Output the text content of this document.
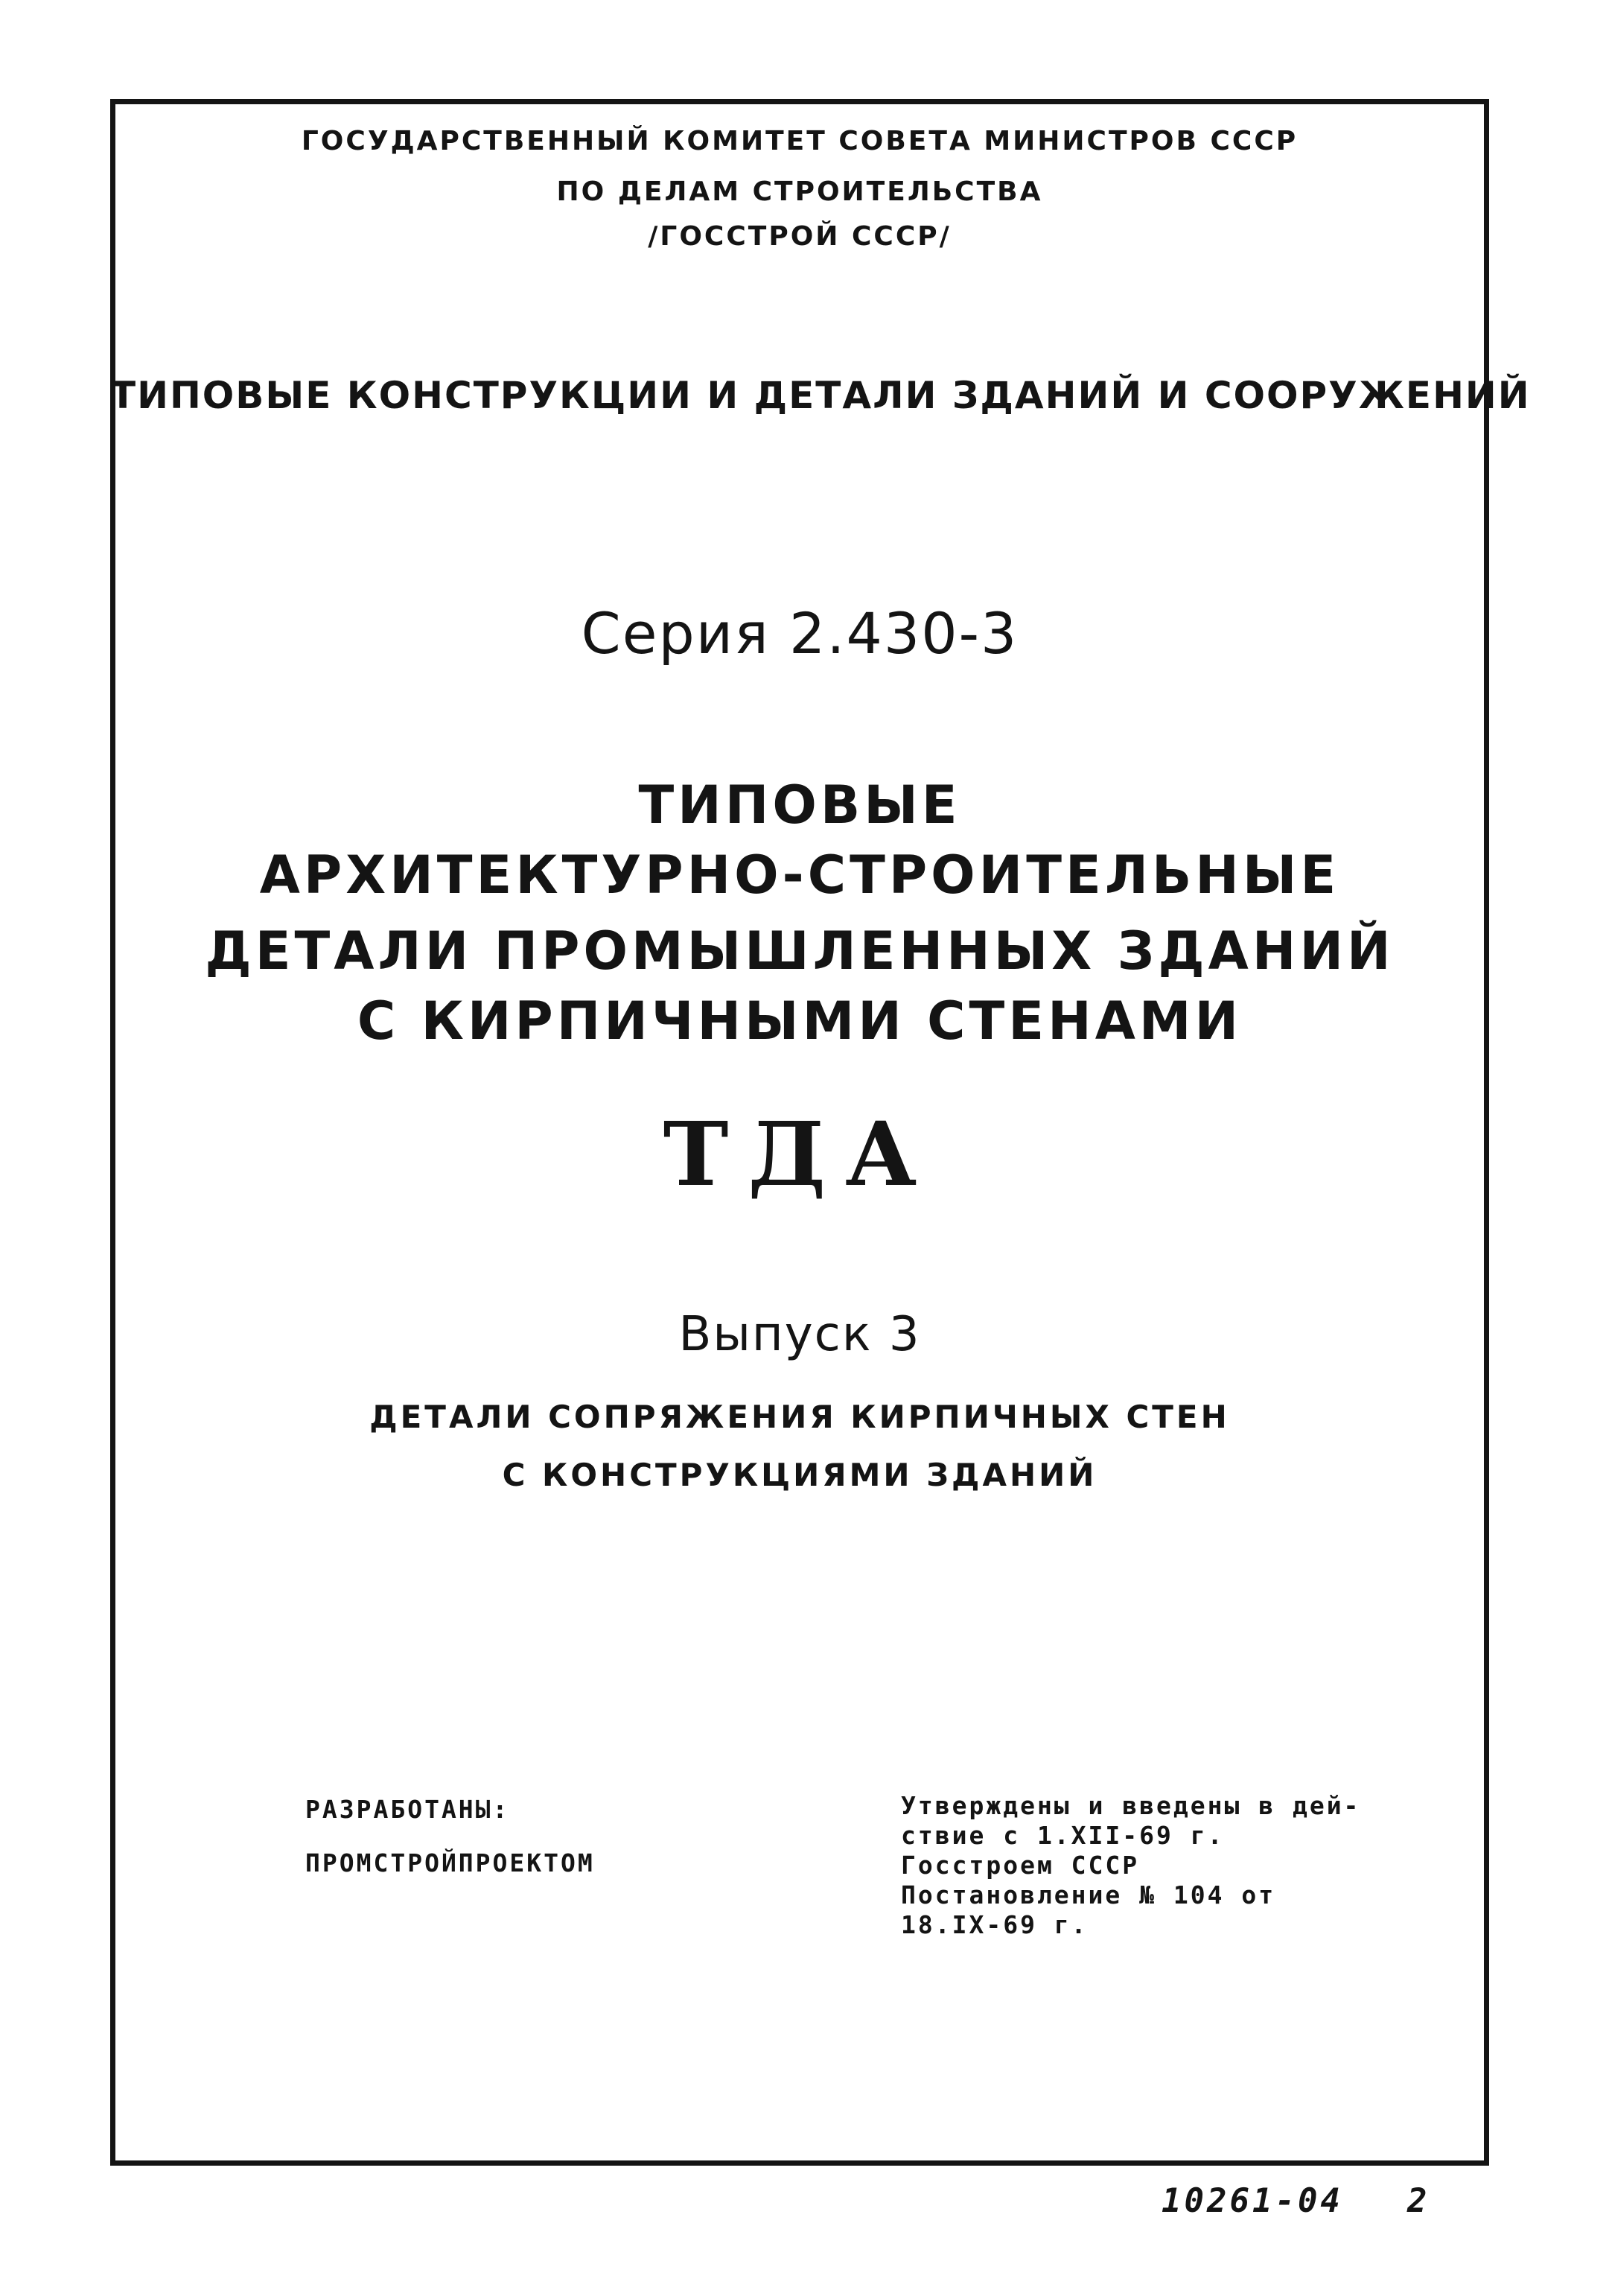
ГОСУДАРСТВЕННЫЙ КОМИТЕТ СОВЕТА МИНИСТРОВ СССР
ПО ДЕЛАМ СТРОИТЕЛЬСТВА
/ГОССТРОЙ СССР/
ТИПОВЫЕ КОНСТРУКЦИИ И ДЕТАЛИ ЗДАНИЙ И СООРУЖЕНИЙ
Серия 2.430-3
ТИПОВЫЕ
АРХИТЕКТУРНО-СТРОИТЕЛЬНЫЕ
ДЕТАЛИ ПРОМЫШЛЕННЫХ ЗДАНИЙ
С КИРПИЧНЫМИ СТЕНАМИ
ТДА
Выпуск 3
ДЕТАЛИ СОПРЯЖЕНИЯ КИРПИЧНЫХ СТЕН
С КОНСТРУКЦИЯМИ ЗДАНИЙ
РАЗРАБОТАНЫ:
ПРОМСТРОЙПРОЕКТОМ
Утверждены и введены в дей-
ствие с 1.XII-69 г.
Госстроем СССР
Постановление № 104 от
18.IX-69 г.
10261-04 2
